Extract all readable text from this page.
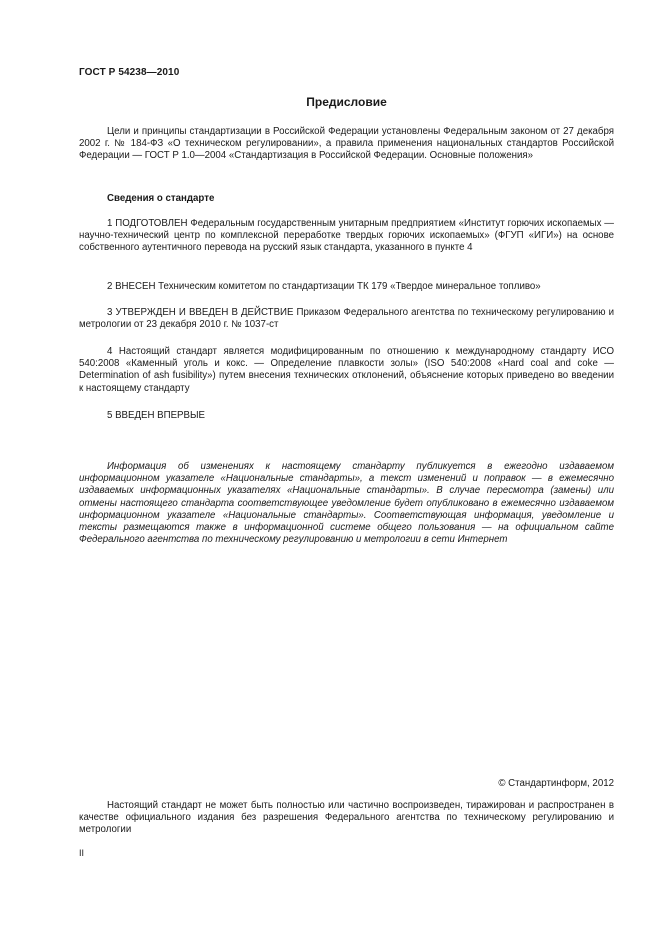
ГОСТ Р 54238—2010
Предисловие

Цели и принципы стандартизации в Российской Федерации установлены Федеральным законом от 27 декабря 2002 г. № 184-ФЗ «О техническом регулировании», а правила применения национальных стандартов Российской Федерации — ГОСТ Р 1.0—2004 «Стандартизация в Российской Федерации. Основные положения»

Сведения о стандарте

1 ПОДГОТОВЛЕН Федеральным государственным унитарным предприятием «Институт горючих ископаемых — научно-технический центр по комплексной переработке твердых горючих ископаемых» (ФГУП «ИГИ») на основе собственного аутентичного перевода на русский язык стандарта, указанного в пункте 4

2 ВНЕСЕН Техническим комитетом по стандартизации ТК 179 «Твердое минеральное топливо»

3 УТВЕРЖДЕН И ВВЕДЕН В ДЕЙСТВИЕ Приказом Федерального агентства по техническому регулированию и метрологии от 23 декабря 2010 г. № 1037-ст

4 Настоящий стандарт является модифицированным по отношению к международному стандарту ИСО 540:2008 «Каменный уголь и кокс. — Определение плавкости золы» (ISO 540:2008 «Hard coal and coke — Determination of ash fusibility») путем внесения технических отклонений, объяснение которых приведено во введении к настоящему стандарту

5 ВВЕДЕН ВПЕРВЫЕ

Информация об изменениях к настоящему стандарту публикуется в ежегодно издаваемом информационном указателе «Национальные стандарты», а текст изменений и поправок — в ежемесячно издаваемых информационных указателях «Национальные стандарты». В случае пересмотра (замены) или отмены настоящего стандарта соответствующее уведомление будет опубликовано в ежемесячно издаваемом информационном указателе «Национальные стандарты». Соответствующая информация, уведомление и тексты размещаются также в информационной системе общего пользования — на официальном сайте Федерального агентства по техническому регулированию и метрологии в сети Интернет

© Стандартинформ, 2012

Настоящий стандарт не может быть полностью или частично воспроизведен, тиражирован и распространен в качестве официального издания без разрешения Федерального агентства по техническому регулированию и метрологии

II
